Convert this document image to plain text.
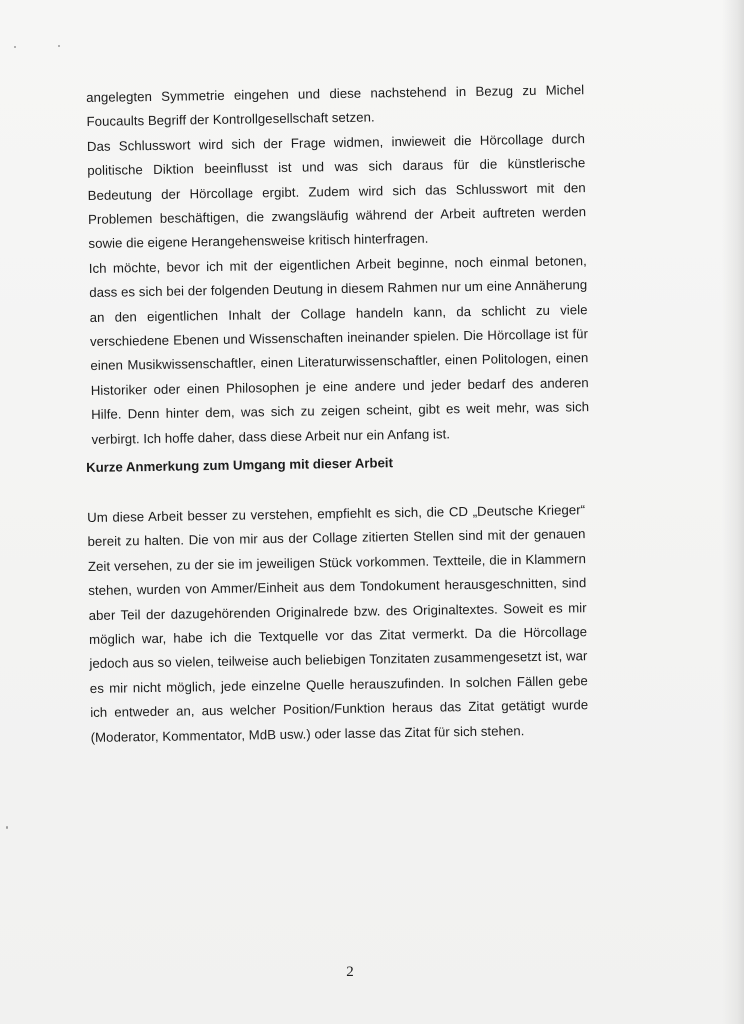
angelegten Symmetrie eingehen und diese nachstehend in Bezug zu Michel Foucaults Begriff der Kontrollgesellschaft setzen.

Das Schlusswort wird sich der Frage widmen, inwieweit die Hörcollage durch politische Diktion beeinflusst ist und was sich daraus für die künstlerische Bedeutung der Hörcollage ergibt. Zudem wird sich das Schlusswort mit den Problemen beschäftigen, die zwangsläufig während der Arbeit auftreten werden sowie die eigene Herangehensweise kritisch hinterfragen.

Ich möchte, bevor ich mit der eigentlichen Arbeit beginne, noch einmal betonen, dass es sich bei der folgenden Deutung in diesem Rahmen nur um eine Annäherung an den eigentlichen Inhalt der Collage handeln kann, da schlicht zu viele verschiedene Ebenen und Wissenschaften ineinander spielen. Die Hörcollage ist für einen Musikwissenschaftler, einen Literaturwissenschaftler, einen Politologen, einen Historiker oder einen Philosophen je eine andere und jeder bedarf des anderen Hilfe. Denn hinter dem, was sich zu zeigen scheint, gibt es weit mehr, was sich verbirgt. Ich hoffe daher, dass diese Arbeit nur ein Anfang ist.

Kurze Anmerkung zum Umgang mit dieser Arbeit
Um diese Arbeit besser zu verstehen, empfiehlt es sich, die CD „Deutsche Krieger“ bereit zu halten. Die von mir aus der Collage zitierten Stellen sind mit der genauen Zeit versehen, zu der sie im jeweiligen Stück vorkommen. Textteile, die in Klammern stehen, wurden von Ammer/Einheit aus dem Tondokument herausgeschnitten, sind aber Teil der dazugehörenden Originalrede bzw. des Originaltextes. Soweit es mir möglich war, habe ich die Textquelle vor das Zitat vermerkt. Da die Hörcollage jedoch aus so vielen, teilweise auch beliebigen Tonzitaten zusammengesetzt ist, war es mir nicht möglich, jede einzelne Quelle herauszufinden. In solchen Fällen gebe ich entweder an, aus welcher Position/Funktion heraus das Zitat getätigt wurde (Moderator, Kommentator, MdB usw.) oder lasse das Zitat für sich stehen.
2
